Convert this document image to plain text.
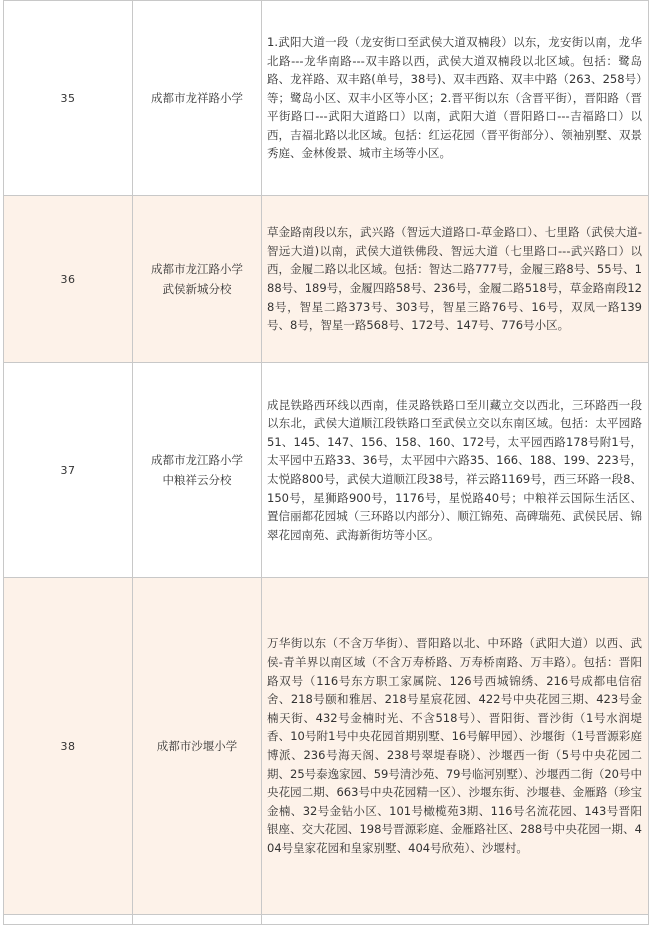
35	成都市龙祥路小学	1.武阳大道一段（龙安街口至武侯大道双楠段）以东，龙安街以南，龙华北路---龙华南路---双丰路以西，武侯大道双楠段以北区域。包括：鹭岛路、龙祥路、双丰路(单号，38号)、双丰西路、双丰中路（263、258号）等；鹭岛小区、双丰小区等小区；2.晋平街以东（含晋平街），晋阳路（晋平街路口---武阳大道路口）以南，武阳大道（晋阳路口---吉福路口）以西，吉福北路以北区域。包括：红运花园（晋平街部分）、领袖别墅、双景秀庭、金林俊景、城市主场等小区。
36	成都市龙江路小学武侯新城分校	草金路南段以东，武兴路（智远大道路口-草金路口）、七里路（武侯大道-智远大道)以南，武侯大道铁佛段、智远大道（七里路口---武兴路口）以西，金履二路以北区域。包括：智达二路777号，金履三路8号、55号、188号、189号，金履四路58号、236号，金履二路518号，草金路南段128号，智星二路373号、303号，智星三路76号、16号，双凤一路139号、8号，智星一路568号、172号、147号、776号小区。
37	成都市龙江路小学中粮祥云分校	成昆铁路西环线以西南，佳灵路铁路口至川藏立交以西北，三环路西一段以东北，武侯大道顺江段铁路口至武侯立交以东南区域。包括：太平园路51、145、147、156、158、160、172号，太平园西路178号附1号，太平园中五路33、36号，太平园中六路35、166、188、199、223号，太悦路800号，武侯大道顺江段38号，祥云路1169号，西三环路一段8、150号，星狮路900号，1176号，星悦路40号；中粮祥云国际生活区、置信丽都花园城（三环路以内部分）、顺江锦苑、高碑瑞苑、武侯民居、锦翠花园南苑、武海新街坊等小区。
38	成都市沙堰小学	万华街以东（不含万华街）、晋阳路以北、中环路（武阳大道）以西、武侯-青羊界以南区域（不含万寿桥路、万寿桥南路、万丰路）。包括：晋阳路双号（116号东方职工家属院、126号西城锦绣、216号成都电信宿舍、218号颐和雅居、218号星宸花园、422号中央花园三期、423号金楠天街、432号金楠时光、不含518号）、晋阳街、晋沙街（1号水润堤香、10号附1号中央花园首期别墅、16号解甲园）、沙堰街（1号晋源彩庭博派、236号海天阁、238号翠堤春晓）、沙堰西一街（5号中央花园二期、25号泰逸家园、59号清沙苑、79号临河别墅）、沙堰西二街（20号中央花园二期、663号中央花园精一区）、沙堰东街、沙堰巷、金雁路（珍宝金楠、32号金钻小区、101号橄榄苑3期、116号名流花园、143号晋阳银座、交大花园、198号晋源彩庭、金雁路社区、288号中央花园一期、404号皇家花园和皇家别墅、404号欣苑）、沙堰村。
